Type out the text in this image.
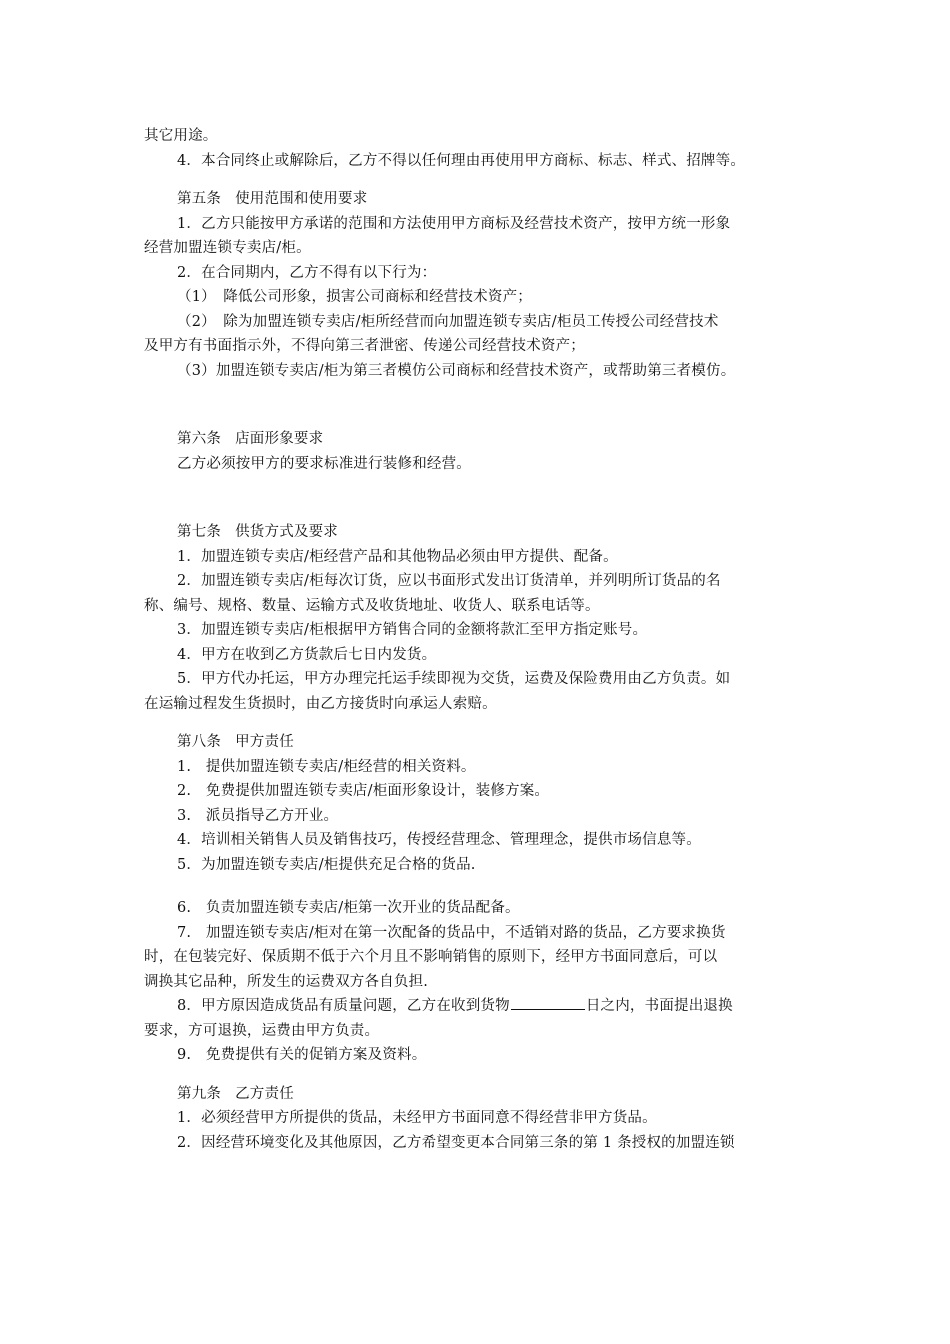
其它用途。
4．本合同终止或解除后，乙方不得以任何理由再使用甲方商标、标志、样式、招牌等。
第五条 使用范围和使用要求
1．乙方只能按甲方承诺的范围和方法使用甲方商标及经营技术资产，按甲方统一形象
经营加盟连锁专卖店/柜。
2．在合同期内，乙方不得有以下行为：
（1）　降低公司形象，损害公司商标和经营技术资产；
（2）　除为加盟连锁专卖店/柜所经营而向加盟连锁专卖店/柜员工传授公司经营技术
及甲方有书面指示外，不得向第三者泄密、传递公司经营技术资产；
（3）加盟连锁专卖店/柜为第三者模仿公司商标和经营技术资产，或帮助第三者模仿。
第六条 店面形象要求
乙方必须按甲方的要求标准进行装修和经营。
第七条 供货方式及要求
1．加盟连锁专卖店/柜经营产品和其他物品必须由甲方提供、配备。
2．加盟连锁专卖店/柜每次订货，应以书面形式发出订货清单，并列明所订货品的名
称、编号、规格、数量、运输方式及收货地址、收货人、联系电话等。
3．加盟连锁专卖店/柜根据甲方销售合同的金额将款汇至甲方指定账号。
4．甲方在收到乙方货款后七日内发货。
5．甲方代办托运，甲方办理完托运手续即视为交货，运费及保险费用由乙方负责。如
在运输过程发生货损时，由乙方接货时向承运人索赔。
第八条 甲方责任
1.　提供加盟连锁专卖店/柜经营的相关资料。
2.　免费提供加盟连锁专卖店/柜面形象设计，装修方案。
3.　派员指导乙方开业。
4．培训相关销售人员及销售技巧，传授经营理念、管理理念，提供市场信息等。
5．为加盟连锁专卖店/柜提供充足合格的货品.
6.　负责加盟连锁专卖店/柜第一次开业的货品配备。
7.　加盟连锁专卖店/柜对在第一次配备的货品中，不适销对路的货品，乙方要求换货
时，在包装完好、保质期不低于六个月且不影响销售的原则下，经甲方书面同意后，可以
调换其它品种，所发生的运费双方各自负担.
8．甲方原因造成货品有质量问题，乙方在收到货物	日之内，书面提出退换
要求，方可退换，运费由甲方负责。
9.　免费提供有关的促销方案及资料。
第九条 乙方责任
1．必须经营甲方所提供的货品，未经甲方书面同意不得经营非甲方货品。
2．因经营环境变化及其他原因，乙方希望变更本合同第三条的第 1 条授权的加盟连锁
